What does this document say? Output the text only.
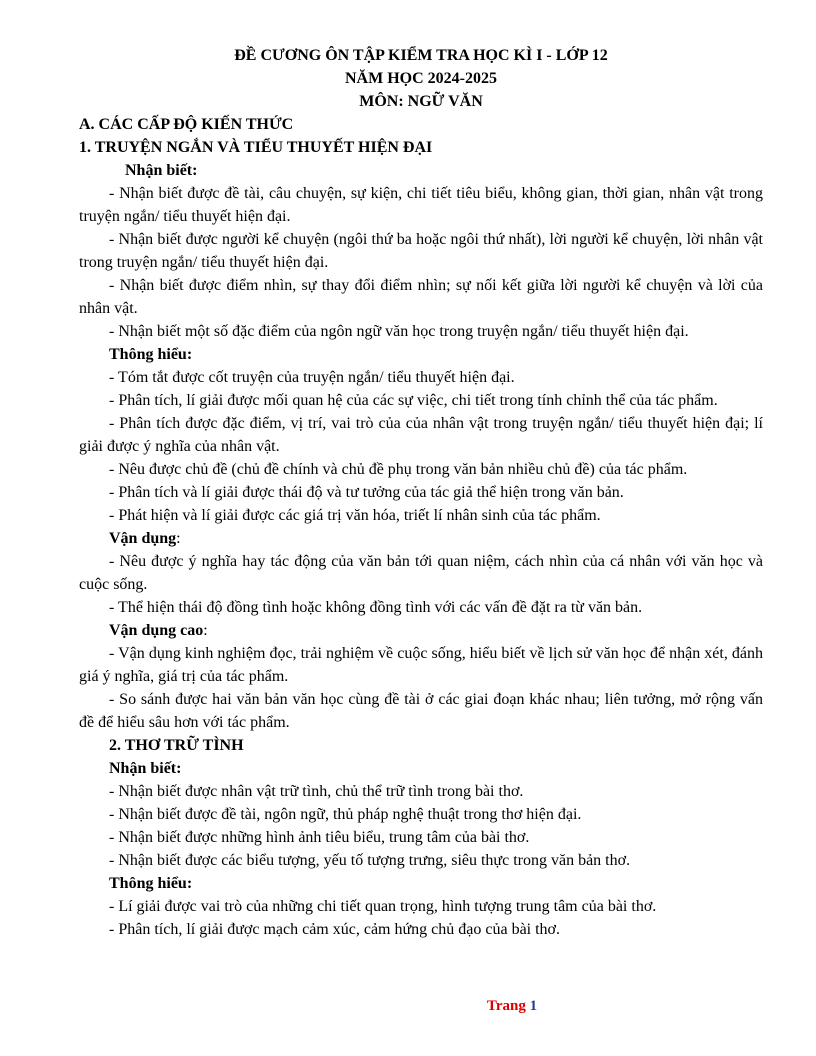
ĐỀ CƯƠNG ÔN TẬP KIỂM TRA HỌC KÌ I - LỚP 12
NĂM HỌC 2024-2025
MÔN: NGỮ VĂN
A. CÁC CẤP ĐỘ KIẾN THỨC
1. TRUYỆN NGẮN VÀ TIỂU THUYẾT HIỆN ĐẠI
Nhận biết:
- Nhận biết được đề tài, câu chuyện, sự kiện, chi tiết tiêu biểu, không gian, thời gian, nhân vật trong truyện ngắn/ tiểu thuyết hiện đại.
- Nhận biết được người kể chuyện (ngôi thứ ba hoặc ngôi thứ nhất), lời người kể chuyện, lời nhân vật trong truyện ngắn/ tiểu thuyết hiện đại.
- Nhận biết được điểm nhìn, sự thay đổi điểm nhìn; sự nối kết giữa lời người kể chuyện và lời của nhân vật.
- Nhận biết một số đặc điểm của ngôn ngữ văn học trong truyện ngắn/ tiểu thuyết hiện đại.
Thông hiểu:
- Tóm tắt được cốt truyện của truyện ngắn/ tiểu thuyết hiện đại.
- Phân tích, lí giải được mối quan hệ của các sự việc, chi tiết trong tính chỉnh thể của tác phẩm.
- Phân tích được đặc điểm, vị trí, vai trò của của nhân vật trong truyện ngắn/ tiểu thuyết hiện đại; lí giải được ý nghĩa của nhân vật.
- Nêu được chủ đề (chủ đề chính và chủ đề phụ trong văn bản nhiều chủ đề) của tác phẩm.
- Phân tích và lí giải được thái độ và tư tưởng của tác giả thể hiện trong văn bản.
- Phát hiện và lí giải được các giá trị văn hóa, triết lí nhân sinh của tác phẩm.
Vận dụng:
- Nêu được ý nghĩa hay tác động của văn bản tới quan niệm, cách nhìn của cá nhân với văn học và cuộc sống.
- Thể hiện thái độ đồng tình hoặc không đồng tình với các vấn đề đặt ra từ văn bản.
Vận dụng cao:
- Vận dụng kinh nghiệm đọc, trải nghiệm về cuộc sống, hiểu biết về lịch sử văn học để nhận xét, đánh giá ý nghĩa, giá trị của tác phẩm.
- So sánh được hai văn bản văn học cùng đề tài ở các giai đoạn khác nhau; liên tưởng, mở rộng vấn đề để hiểu sâu hơn với tác phẩm.
2. THƠ TRỮ TÌNH
Nhận biết:
- Nhận biết được nhân vật trữ tình, chủ thể trữ tình trong bài thơ.
- Nhận biết được đề tài, ngôn ngữ, thủ pháp nghệ thuật trong thơ hiện đại.
- Nhận biết được những hình ảnh tiêu biểu, trung tâm của bài thơ.
- Nhận biết được các biểu tượng, yếu tố tượng trưng, siêu thực trong văn bản thơ.
Thông hiểu:
- Lí giải được vai trò của những chi tiết quan trọng, hình tượng trung tâm của bài thơ.
- Phân tích, lí giải được mạch cảm xúc, cảm hứng chủ đạo của bài thơ.
Trang 1
